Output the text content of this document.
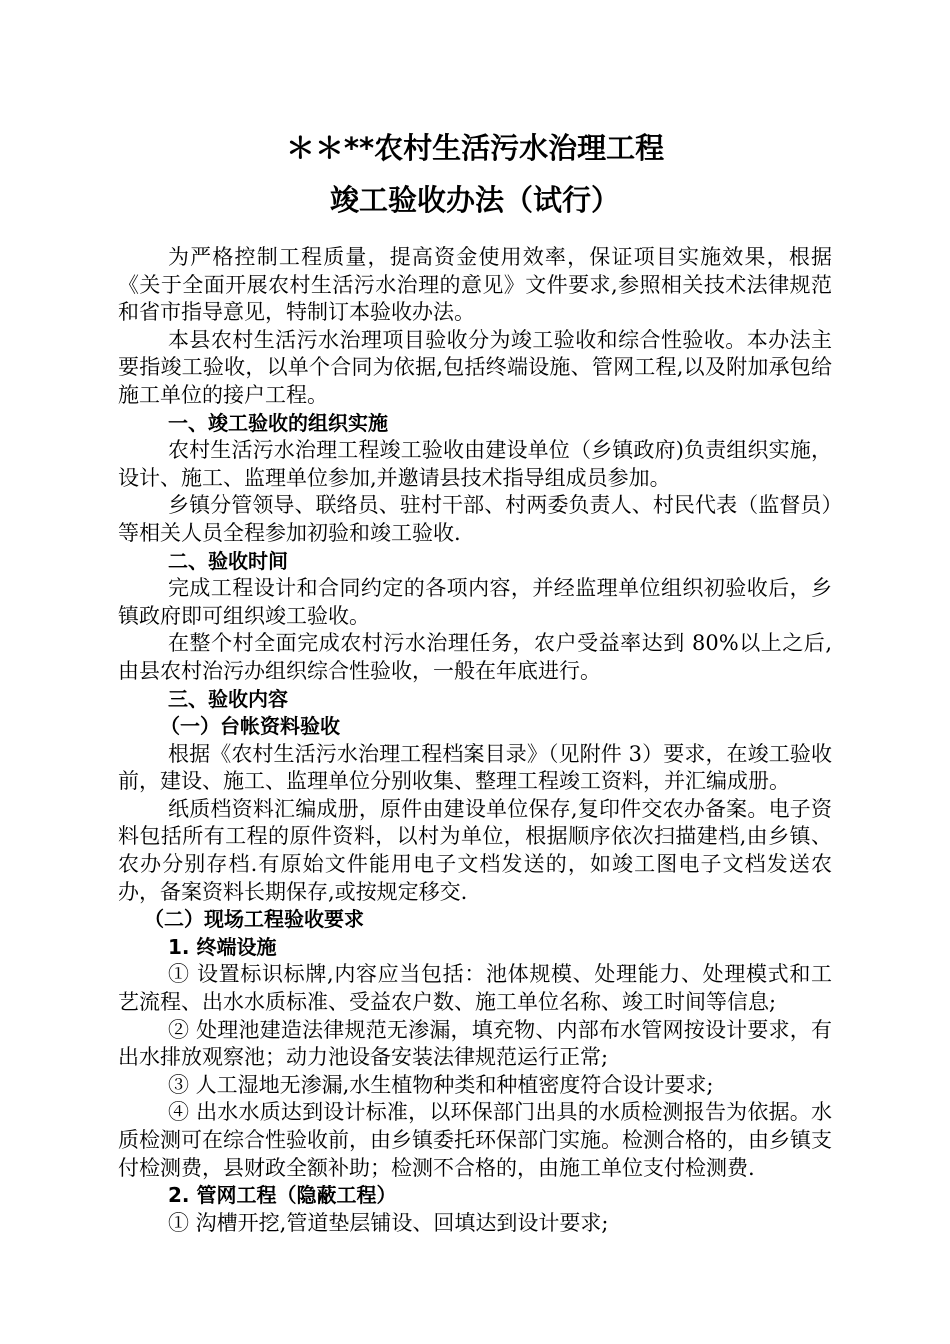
＊＊**农村生活污水治理工程
竣工验收办法（试行）

为严格控制工程质量，提高资金使用效率，保证项目实施效果，根据《关于全面开展农村生活污水治理的意见》文件要求,参照相关技术法律规范和省市指导意见，特制订本验收办法。

本县农村生活污水治理项目验收分为竣工验收和综合性验收。本办法主要指竣工验收，以单个合同为依据,包括终端设施、管网工程,以及附加承包给施工单位的接户工程。

一、竣工验收的组织实施

农村生活污水治理工程竣工验收由建设单位（乡镇政府)负责组织实施，设计、施工、监理单位参加,并邀请县技术指导组成员参加。

乡镇分管领导、联络员、驻村干部、村两委负责人、村民代表（监督员）等相关人员全程参加初验和竣工验收.

二、验收时间

完成工程设计和合同约定的各项内容，并经监理单位组织初验收后，乡镇政府即可组织竣工验收。

在整个村全面完成农村污水治理任务，农户受益率达到 80%以上之后,由县农村治污办组织综合性验收，一般在年底进行。

三、验收内容

（一）台帐资料验收

根据《农村生活污水治理工程档案目录》（见附件 3）要求，在竣工验收前，建设、施工、监理单位分别收集、整理工程竣工资料，并汇编成册。

纸质档资料汇编成册，原件由建设单位保存,复印件交农办备案。电子资料包括所有工程的原件资料，以村为单位，根据顺序依次扫描建档,由乡镇、农办分别存档.有原始文件能用电子文档发送的，如竣工图电子文档发送农办，备案资料长期保存,或按规定移交.

（二）现场工程验收要求

1. 终端设施

① 设置标识标牌,内容应当包括：池体规模、处理能力、处理模式和工艺流程、出水水质标准、受益农户数、施工单位名称、竣工时间等信息;

② 处理池建造法律规范无渗漏，填充物、内部布水管网按设计要求，有出水排放观察池；动力池设备安装法律规范运行正常;

③ 人工湿地无渗漏,水生植物种类和种植密度符合设计要求;

④ 出水水质达到设计标准，以环保部门出具的水质检测报告为依据。水质检测可在综合性验收前，由乡镇委托环保部门实施。检测合格的，由乡镇支付检测费，县财政全额补助；检测不合格的，由施工单位支付检测费.

2. 管网工程（隐蔽工程）

① 沟槽开挖,管道垫层铺设、回填达到设计要求;
